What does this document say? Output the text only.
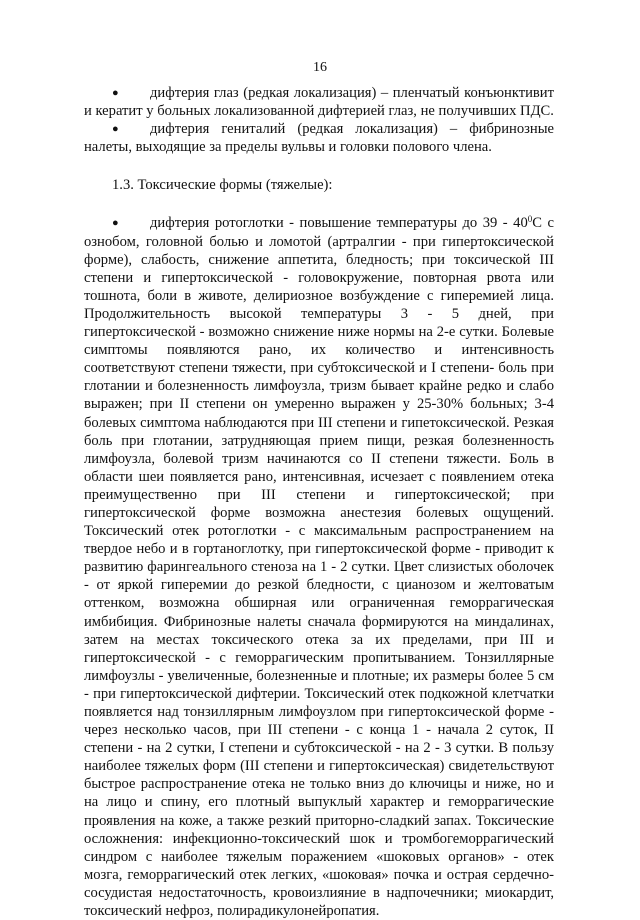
16

● дифтерия глаз (редкая локализация) – пленчатый конъюнктивит и кератит у больных локализованной дифтерией глаз, не получивших ПДС.

● дифтерия гениталий (редкая локализация) – фибринозные налеты, выходящие за пределы вульвы и головки полового члена.

1.3. Токсические формы (тяжелые):

● дифтерия ротоглотки - повышение температуры до $39 - 40^0С$ с ознобом, головной болью и ломотой (артралгии - при гипертоксической форме), слабость, снижение аппетита, бледность; при токсической III степени и гипертоксической - головокружение, повторная рвота или тошнота, боли в животе, делириозное возбуждение с гиперемией лица. Продолжительность высокой температуры 3 - 5 дней, при гипертоксической - возможно снижение ниже нормы на 2-е сутки. Болевые симптомы появляются рано, их количество и интенсивность соответствуют степени тяжести, при субтоксической и I степени- боль при глотании и болезненность лимфоузла, тризм бывает крайне редко и слабо выражен; при II степени он умеренно выражен у 25-30% больных; 3-4 болевых симптома наблюдаются при III степени и гипетоксической. Резкая боль при глотании, затрудняющая прием пищи, резкая болезненность лимфоузла, болевой тризм начинаются со II степени тяжести. Боль в области шеи появляется рано, интенсивная, исчезает с появлением отека преимущественно при III степени и гипертоксической; при гипертоксической форме возможна анестезия болевых ощущений. Токсический отек ротоглотки - с максимальным распространением на твердое небо и в гортаноглотку, при гипертоксической форме - приводит к развитию фарингеального стеноза на 1 - 2 сутки. Цвет слизистых оболочек - от яркой гиперемии до резкой бледности, с цианозом и желтоватым оттенком, возможна обширная или ограниченная геморрагическая имбибиция. Фибринозные налеты сначала формируются на миндалинах, затем на местах токсического отека за их пределами, при III и гипертоксической - с геморрагическим пропитыванием. Тонзиллярные лимфоузлы - увеличенные, болезненные и плотные; их размеры более 5 см - при гипертоксической дифтерии. Токсический отек подкожной клетчатки появляется над тонзиллярным лимфоузлом при гипертоксической форме - через несколько часов, при III степени - с конца 1 - начала 2 суток, II степени - на 2 сутки, I степени и субтоксической - на 2 - 3 сутки. В пользу наиболее тяжелых форм (III степени и гипертоксическая) свидетельствуют быстрое распространение отека не только вниз до ключицы и ниже, но и на лицо и спину, его плотный выпуклый характер и геморрагические проявления на коже, а также резкий приторно-сладкий запах. Токсические осложнения: инфекционно-токсический шок и тромбогеморрагический синдром с наиболее тяжелым поражением «шоковых органов» - отек мозга, геморрагический отек легких, «шоковая» почка и острая сердечно-сосудистая недостаточность, кровоизлияние в надпочечники; миокардит, токсический нефроз, полирадикулонейропатия.
